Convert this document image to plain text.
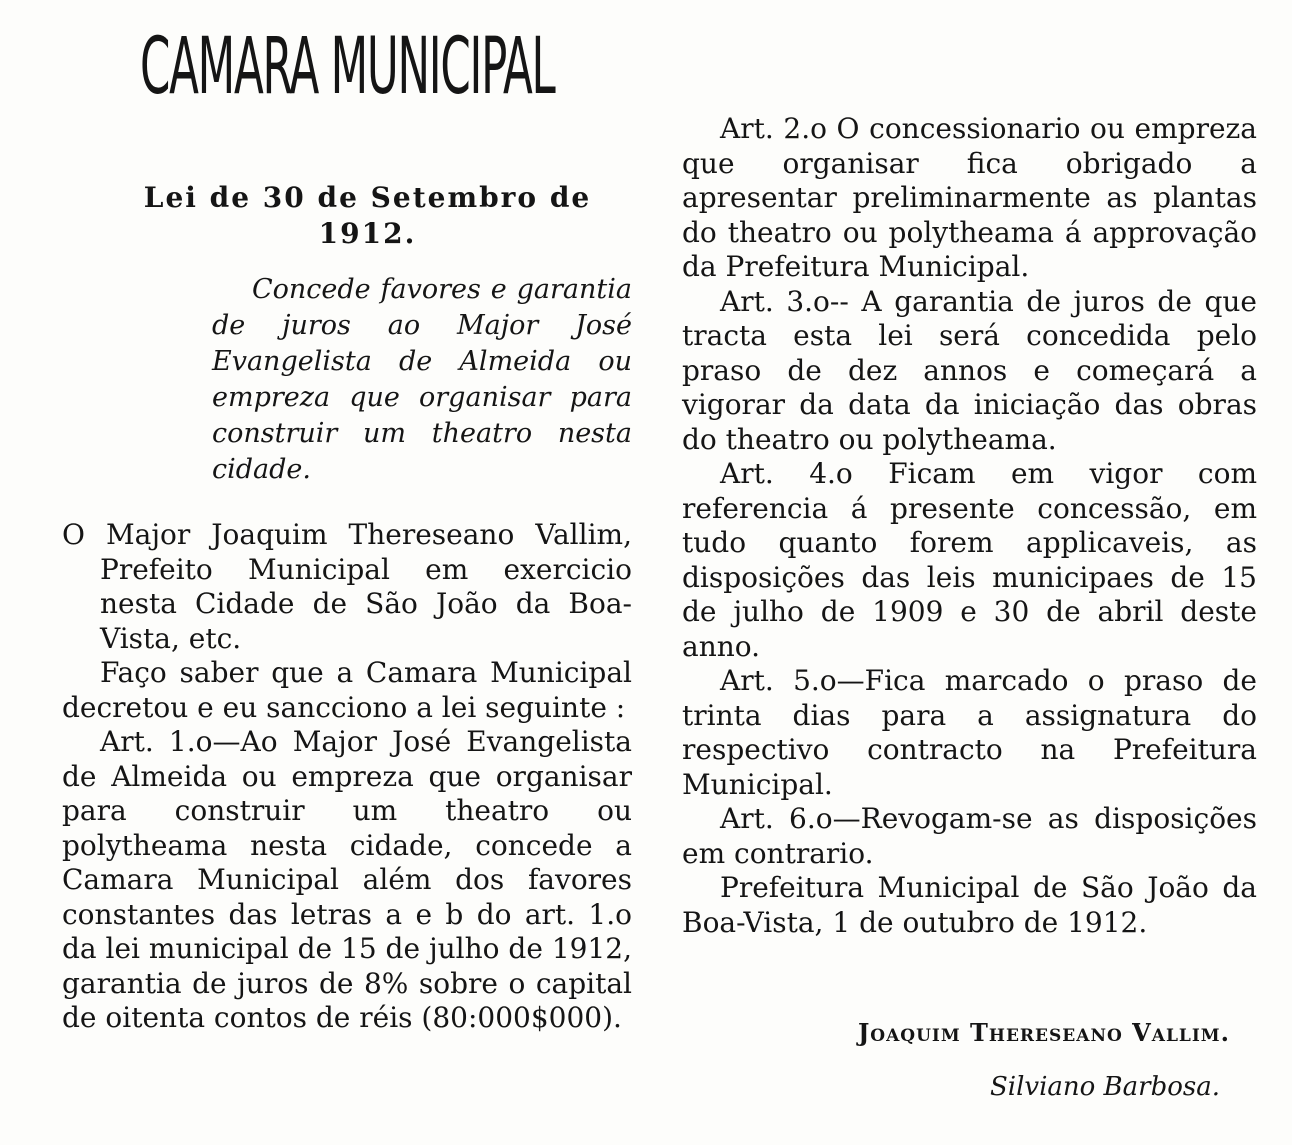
CAMARA MUNICIPAL
Lei de 30 de Setembro de 1912.

Concede favores e garantia de juros ao Major José Evangelista de Almeida ou empreza que organisar para construir um theatro nesta cidade.

O Major Joaquim Thereseano Vallim, Prefeito Municipal em exercicio nesta Cidade de São João da Boa-Vista, etc.

Faço saber que a Camara Municipal decretou e eu sancciono a lei seguinte :

Art. 1.o—Ao Major José Evangelista de Almeida ou empreza que organisar para construir um theatro ou polytheama nesta cidade, concede a Camara Municipal além dos favores constantes das letras a e b do art. 1.o da lei municipal de 15 de julho de 1912, garantia de juros de 8% sobre o capital de oitenta contos de réis (80:000$000).

Art. 2.o O concessionario ou empreza que organisar fica obrigado a apresentar preliminarmente as plantas do theatro ou polytheama á approvação da Prefeitura Municipal.

Art. 3.o-- A garantia de juros de que tracta esta lei será concedida pelo praso de dez annos e começará a vigorar da data da iniciação das obras do theatro ou polytheama.

Art. 4.o Ficam em vigor com referencia á presente concessão, em tudo quanto forem applicaveis, as disposições das leis municipaes de 15 de julho de 1909 e 30 de abril deste anno.

Art. 5.o—Fica marcado o praso de trinta dias para a assignatura do respectivo contracto na Prefeitura Municipal.

Art. 6.o—Revogam-se as disposições em contrario.

Prefeitura Municipal de São João da Boa-Vista, 1 de outubro de 1912.

Joaquim Thereseano Vallim.
Silviano Barbosa.
